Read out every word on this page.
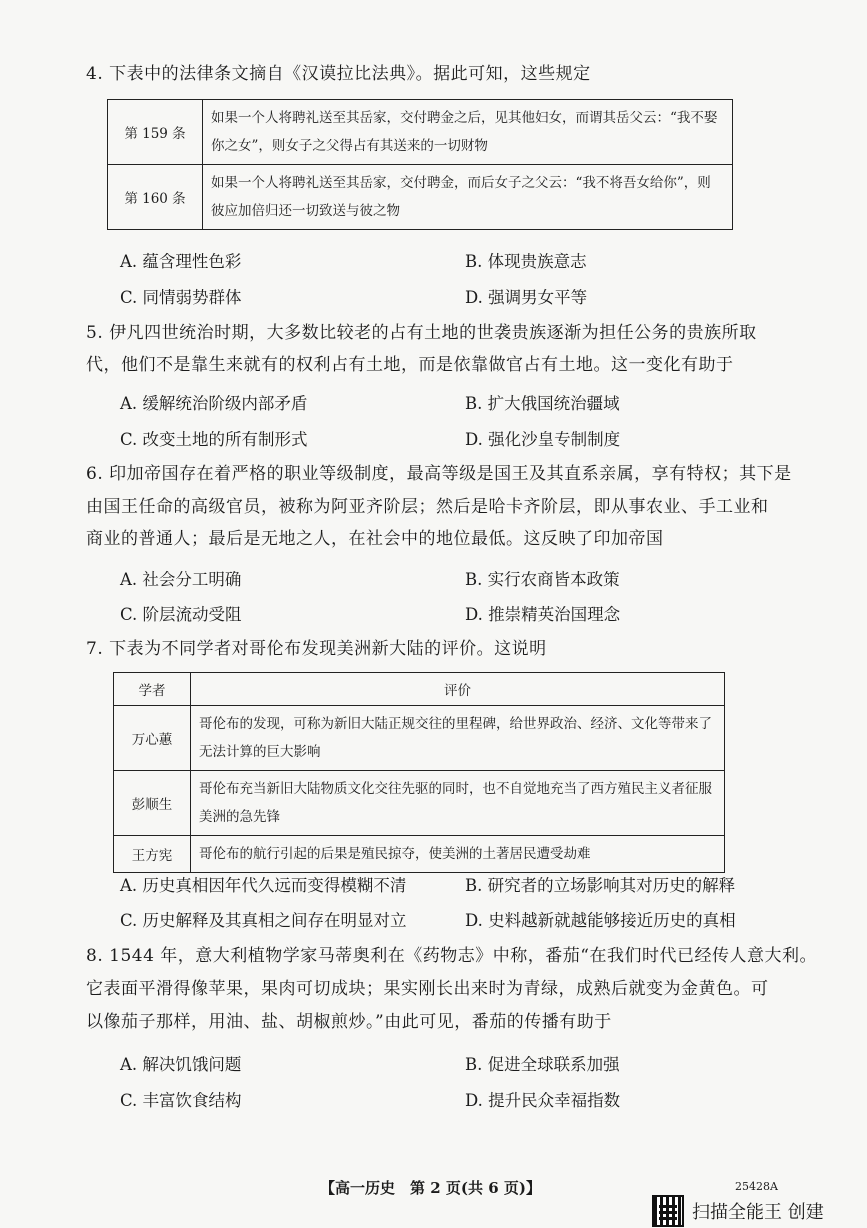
4. 下表中的法律条文摘自《汉谟拉比法典》。据此可知，这些规定
第 159 条	如果一个人将聘礼送至其岳家，交付聘金之后，见其他妇女，而谓其岳父云：“我不娶你之女”，则女子之父得占有其送来的一切财物
第 160 条	如果一个人将聘礼送至其岳家，交付聘金，而后女子之父云：“我不将吾女给你”，则彼应加倍归还一切致送与彼之物
A. 蕴含理性色彩	B. 体现贵族意志
C. 同情弱势群体	D. 强调男女平等
5. 伊凡四世统治时期，大多数比较老的占有土地的世袭贵族逐渐为担任公务的贵族所取
代，他们不是靠生来就有的权利占有土地，而是依靠做官占有土地。这一变化有助于
A. 缓解统治阶级内部矛盾	B. 扩大俄国统治疆域
C. 改变土地的所有制形式	D. 强化沙皇专制制度
6. 印加帝国存在着严格的职业等级制度，最高等级是国王及其直系亲属，享有特权；其下是
由国王任命的高级官员，被称为阿亚齐阶层；然后是哈卡齐阶层，即从事农业、手工业和
商业的普通人；最后是无地之人，在社会中的地位最低。这反映了印加帝国
A. 社会分工明确	B. 实行农商皆本政策
C. 阶层流动受阻	D. 推崇精英治国理念
7. 下表为不同学者对哥伦布发现美洲新大陆的评价。这说明
学者	评价
万心蕙	哥伦布的发现，可称为新旧大陆正规交往的里程碑，给世界政治、经济、文化等带来了无法计算的巨大影响
彭顺生	哥伦布充当新旧大陆物质文化交往先驱的同时，也不自觉地充当了西方殖民主义者征服美洲的急先锋
王方宪	哥伦布的航行引起的后果是殖民掠夺，使美洲的土著居民遭受劫难
A. 历史真相因年代久远而变得模糊不清	B. 研究者的立场影响其对历史的解释
C. 历史解释及其真相之间存在明显对立	D. 史料越新就越能够接近历史的真相
8. 1544 年，意大利植物学家马蒂奥利在《药物志》中称，番茄“在我们时代已经传人意大利。
它表面平滑得像苹果，果肉可切成块；果实刚长出来时为青绿，成熟后就变为金黄色。可
以像茄子那样，用油、盐、胡椒煎炒。”由此可见，番茄的传播有助于
A. 解决饥饿问题	B. 促进全球联系加强
C. 丰富饮食结构	D. 提升民众幸福指数
【高一历史　第 2 页(共 6 页)】	25428A
扫描全能王 创建
